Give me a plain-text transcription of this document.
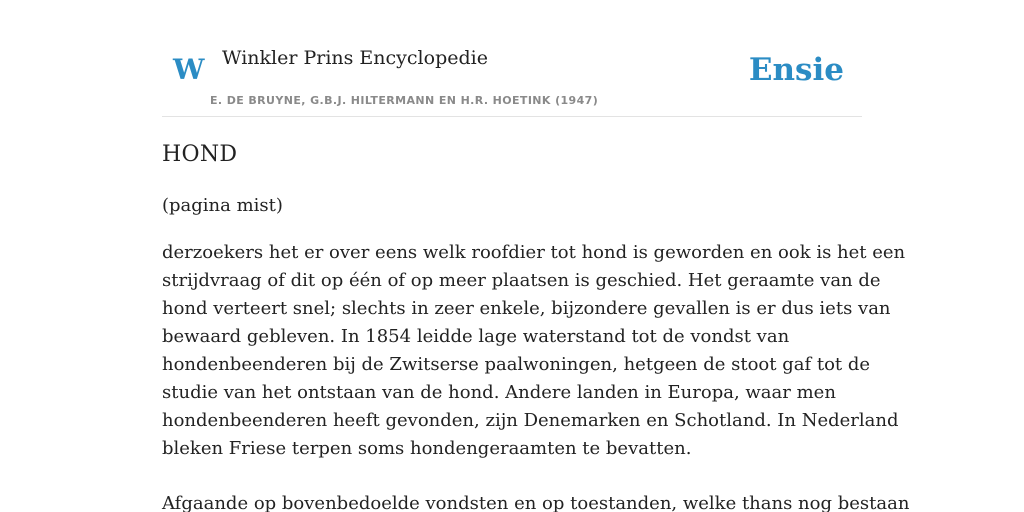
W Winkler Prins Encyclopedie
E. DE BRUYNE, G.B.J. HILTERMANN EN H.R. HOETINK (1947)
Ensie
HOND
(pagina mist)

derzoekers het er over eens welk roofdier tot hond is geworden en ook is het een
strijdvraag of dit op één of op meer plaatsen is geschied. Het geraamte van de
hond verteert snel; slechts in zeer enkele, bijzondere gevallen is er dus iets van
bewaard gebleven. In 1854 leidde lage waterstand tot de vondst van
hondenbeenderen bij de Zwitserse paalwoningen, hetgeen de stoot gaf tot de
studie van het ontstaan van de hond. Andere landen in Europa, waar men
hondenbeenderen heeft gevonden, zijn Denemarken en Schotland. In Nederland
bleken Friese terpen soms hondengeraamten te bevatten.

Afgaande op bovenbedoelde vondsten en op toestanden, welke thans nog bestaan
